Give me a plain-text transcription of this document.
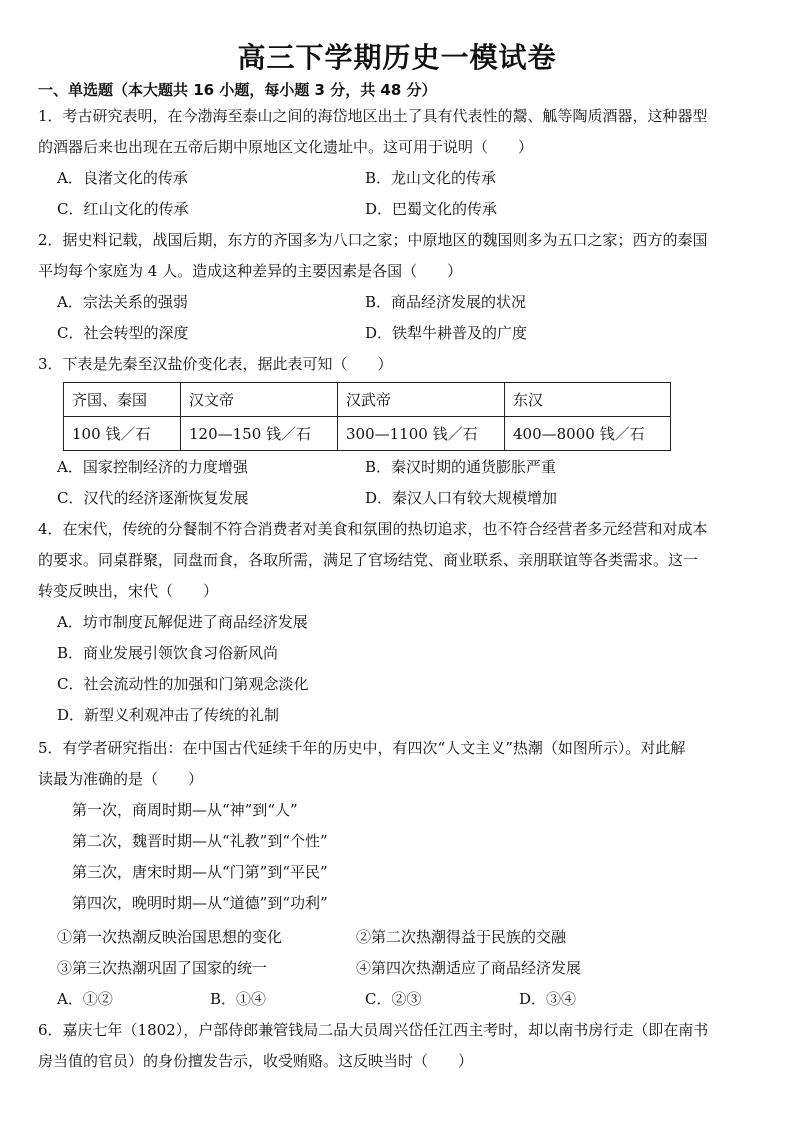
高三下学期历史一模试卷
一、单选题（本大题共 16 小题，每小题 3 分，共 48 分）
1．考古研究表明，在今渤海至泰山之间的海岱地区出土了具有代表性的鬶、觚等陶质酒器，这种器型
的酒器后来也出现在五帝后期中原地区文化遗址中。这可用于说明（　　）
A．良渚文化的传承	B．龙山文化的传承
C．红山文化的传承	D．巴蜀文化的传承
2．据史料记载，战国后期，东方的齐国多为八口之家；中原地区的魏国则多为五口之家；西方的秦国
平均每个家庭为 4 人。造成这种差异的主要因素是各国（　　）
A．宗法关系的强弱	B．商品经济发展的状况
C．社会转型的深度	D．铁犁牛耕普及的广度
3．下表是先秦至汉盐价变化表，据此表可知（　　）
齐国、秦国	汉文帝	汉武帝	东汉
100 钱／石	120—150 钱／石	300—1100 钱／石	400—8000 钱／石
A．国家控制经济的力度增强	B．秦汉时期的通货膨胀严重
C．汉代的经济逐渐恢复发展	D．秦汉人口有较大规模增加
4．在宋代，传统的分餐制不符合消费者对美食和氛围的热切追求，也不符合经营者多元经营和对成本
的要求。同桌群聚，同盘而食，各取所需，满足了官场结党、商业联系、亲朋联谊等各类需求。这一
转变反映出，宋代（　　）
A．坊市制度瓦解促进了商品经济发展
B．商业发展引领饮食习俗新风尚
C．社会流动性的加强和门第观念淡化
D．新型义利观冲击了传统的礼制
5．有学者研究指出：在中国古代延续千年的历史中，有四次“人文主义”热潮（如图所示）。对此解
读最为准确的是（　　）
第一次，商周时期—从“神”到“人”
第二次，魏晋时期—从“礼教”到“个性”
第三次，唐宋时期—从“门第”到“平民”
第四次，晚明时期—从“道德”到“功利”
①第一次热潮反映治国思想的变化	②第二次热潮得益于民族的交融
③第三次热潮巩固了国家的统一	④第四次热潮适应了商品经济发展
A．①②	B．①④	C．②③	D．③④
6．嘉庆七年（1802），户部侍郎兼管钱局二品大员周兴岱任江西主考时，却以南书房行走（即在南书
房当值的官员）的身份擅发告示，收受贿赂。这反映当时（　　）
